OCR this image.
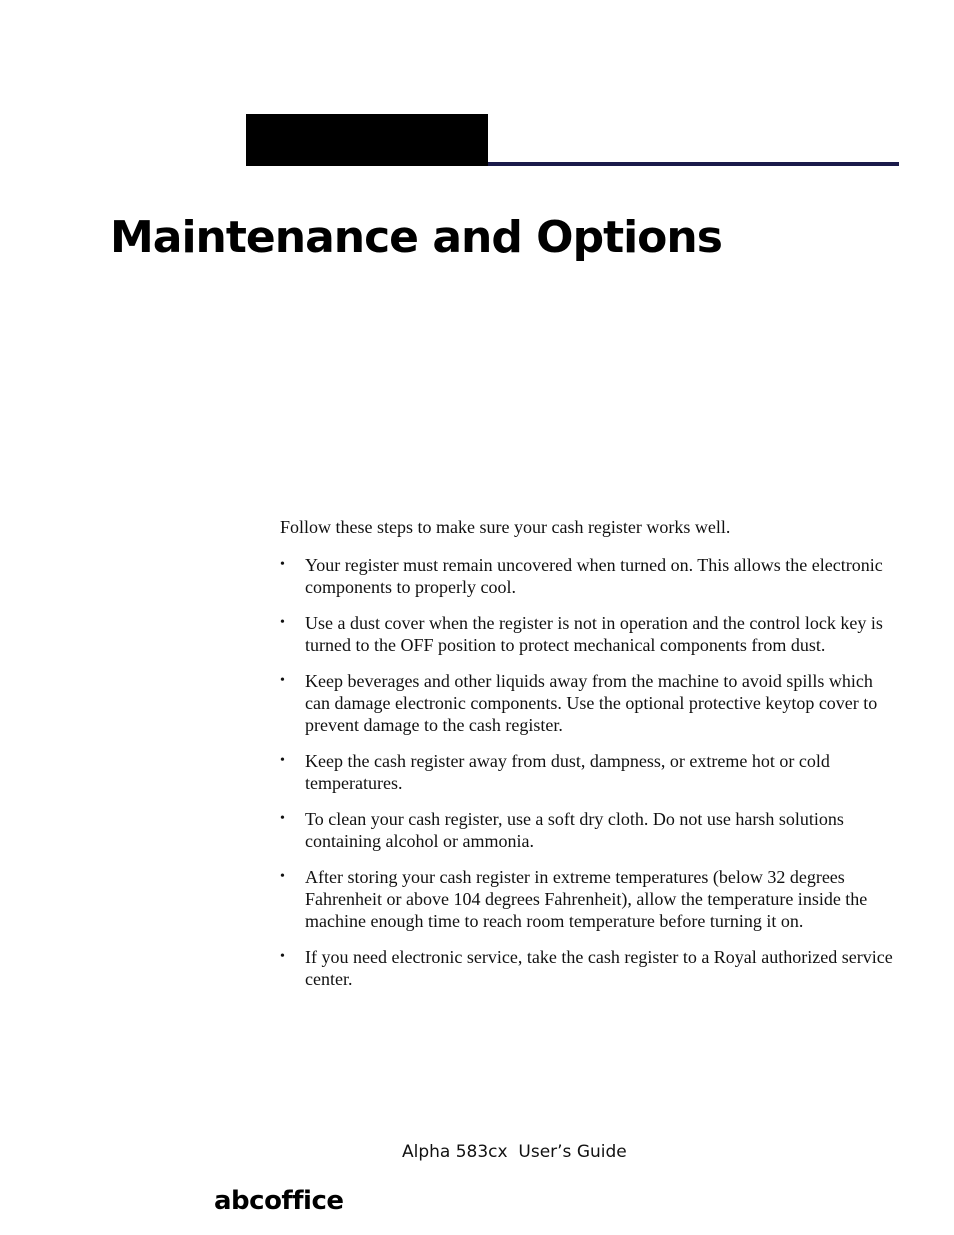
Maintenance and Options

Follow these steps to make sure your cash register works well.

• Your register must remain uncovered when turned on. This allows the electronic components to properly cool.
• Use a dust cover when the register is not in operation and the control lock key is turned to the OFF position to protect mechanical components from dust.
• Keep beverages and other liquids away from the machine to avoid spills which can damage electronic components. Use the optional protective keytop cover to prevent damage to the cash register.
• Keep the cash register away from dust, dampness, or extreme hot or cold temperatures.
• To clean your cash register, use a soft dry cloth. Do not use harsh solutions containing alcohol or ammonia.
• After storing your cash register in extreme temperatures (below 32 degrees Fahrenheit or above 104 degrees Fahrenheit), allow the temperature inside the machine enough time to reach room temperature before turning it on.
• If you need electronic service, take the cash register to a Royal authorized service center.
Alpha 583cx  User’s Guide
abcoffice
